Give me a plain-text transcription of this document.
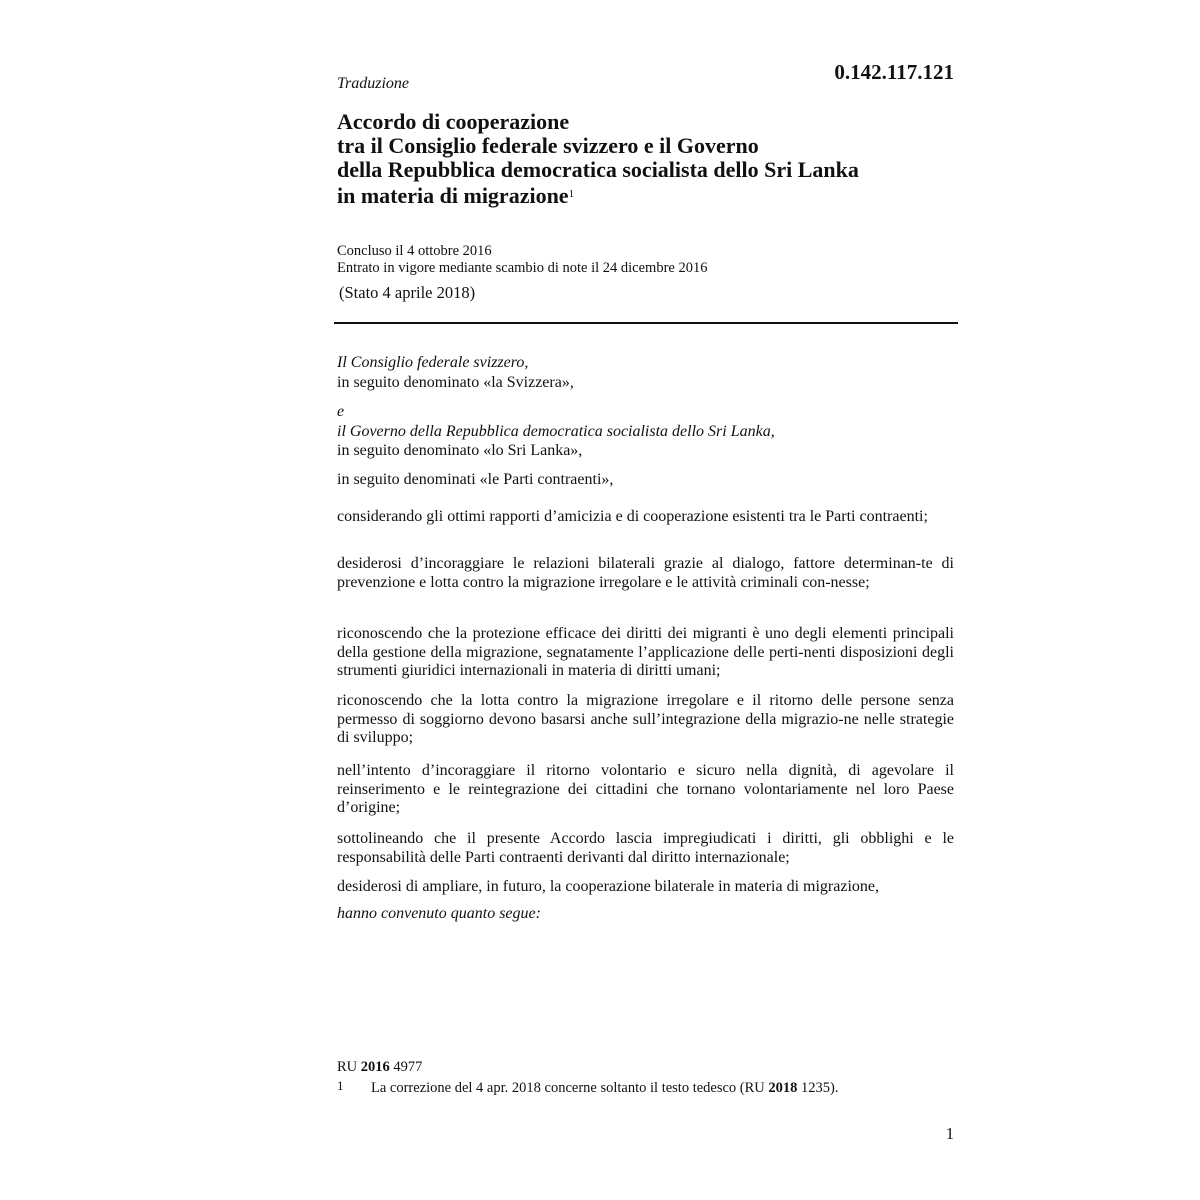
0.142.117.121
Traduzione
Accordo di cooperazione
tra il Consiglio federale svizzero e il Governo
della Repubblica democratica socialista dello Sri Lanka
in materia di migrazione$^1$
Concluso il 4 ottobre 2016
Entrato in vigore mediante scambio di note il 24 dicembre 2016
(Stato 4 aprile 2018)
Il Consiglio federale svizzero,
in seguito denominato «la Svizzera»,
e
il Governo della Repubblica democratica socialista dello Sri Lanka,
in seguito denominato «lo Sri Lanka»,
in seguito denominati «le Parti contraenti»,
considerando gli ottimi rapporti d’amicizia e di cooperazione esistenti tra le Parti contraenti;
desiderosi d’incoraggiare le relazioni bilaterali grazie al dialogo, fattore determinan-te di prevenzione e lotta contro la migrazione irregolare e le attività criminali con-nesse;
riconoscendo che la protezione efficace dei diritti dei migranti è uno degli elementi principali della gestione della migrazione, segnatamente l’applicazione delle perti-nenti disposizioni degli strumenti giuridici internazionali in materia di diritti umani;
riconoscendo che la lotta contro la migrazione irregolare e il ritorno delle persone senza permesso di soggiorno devono basarsi anche sull’integrazione della migrazio-ne nelle strategie di sviluppo;
nell’intento d’incoraggiare il ritorno volontario e sicuro nella dignità, di agevolare il reinserimento e le reintegrazione dei cittadini che tornano volontariamente nel loro Paese d’origine;
sottolineando che il presente Accordo lascia impregiudicati i diritti, gli obblighi e le responsabilità delle Parti contraenti derivanti dal diritto internazionale;
desiderosi di ampliare, in futuro, la cooperazione bilaterale in materia di migrazione,
hanno convenuto quanto segue:
RU 2016 4977
1 La correzione del 4 apr. 2018 concerne soltanto il testo tedesco (RU 2018 1235).
1
